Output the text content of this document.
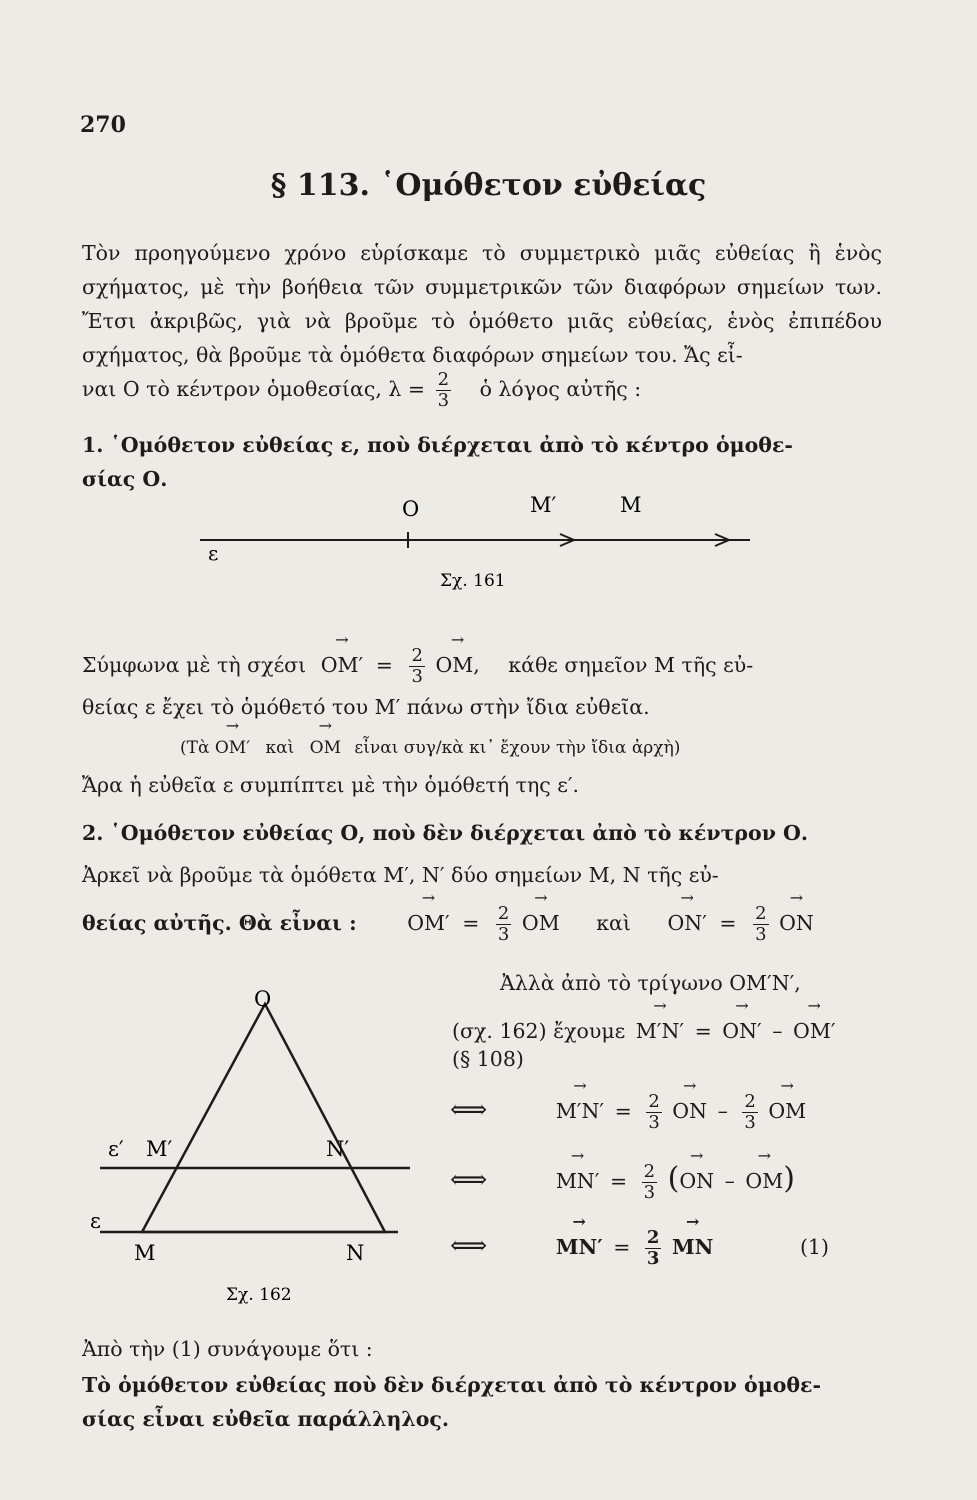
270
§ 113. ῾Ομόθετον εὐθείας
Τὸν προηγούμενο χρόνο εὑρίσκαμε τὸ συμμετρικὸ μιᾶς εὐθείας ἢ ἑνὸς σχήματος, μὲ τὴν βοήθεια τῶν συμμετρικῶν τῶν διαφόρων σημείων των. Ἔτσι ἀκριβῶς, γιὰ νὰ βροῦμε τὸ ὁμόθετο μιᾶς εὐθείας, ἑνὸς ἐπιπέδου σχήματος, θὰ βροῦμε τὰ ὁμόθετα διαφόρων σημείων του. Ἄς εἶ-
ναι Ο τὸ κέντρον ὁμοθεσίας, $\lambda = \frac{2}{3}$ ὁ λόγος αὐτῆς :
1. ῾Ομόθετον εὐθείας ε, ποὺ διέρχεται ἀπὸ τὸ κέντρο ὁμοθε-
σίας Ο.
O	M′	M
ε
Σχ. 161
Σύμφωνα μὲ τὴ $\sigma\chi έ\sigma\iota \to OM' = \frac{2}{3}$ → OM, κάθε σημεῖον Μ τῆς εὐ-
θείας ε ἔχει τὸ ὁμόθετό του Μ′ πάνω στὴν ἴδια εὐθεῖα.
(Τὰ → OM′ καὶ → OM εἶναι συγ/κὰ κι᾿ ἔχουν τὴν ἴδια ἀρχὴ)
Ἄρα ἡ εὐθεῖα ε συμπίπτει μὲ τὴν ὁμόθετή της ε′.
2. ῾Ομόθετον εὐθείας Ο, ποὺ δὲν διέρχεται ἀπὸ τὸ κέντρον Ο.
Ἀρκεῖ νὰ βροῦμε τὰ ὁμόθετα Μ′, Ν′ δύο σημείων Μ, Ν τῆς εὐ-
θείας αὐτῆς. Θὰ εἶναι : → $OM' = \frac{2}{3}$ → OM καὶ → $ON' = \frac{2}{3}$ → ON
O
ε′ M′	N′
ε
M	N
Σχ. 162
Ἀλλὰ ἀπὸ τὸ τρίγωνο ΟΜ′Ν′,
(σχ. 162) ἔχουμε → M′N′ = → ON′ – → OM′
(§ 108)
⟺	→ $M'N' = \frac{2}{3}$ → ON – $\frac{2}{3}$ → OM
⟺	→ $MN' = \frac{2}{3}$ (→ ON – → OM)
⟺	→ $MN' = \frac{2}{3}$ → MN	(1)
Ἀπὸ τὴν (1) συνάγουμε ὅτι :
Τὸ ὁμόθετον εὐθείας ποὺ δὲν διέρχεται ἀπὸ τὸ κέντρον ὁμοθε-
σίας εἶναι εὐθεῖα παράλληλος.
